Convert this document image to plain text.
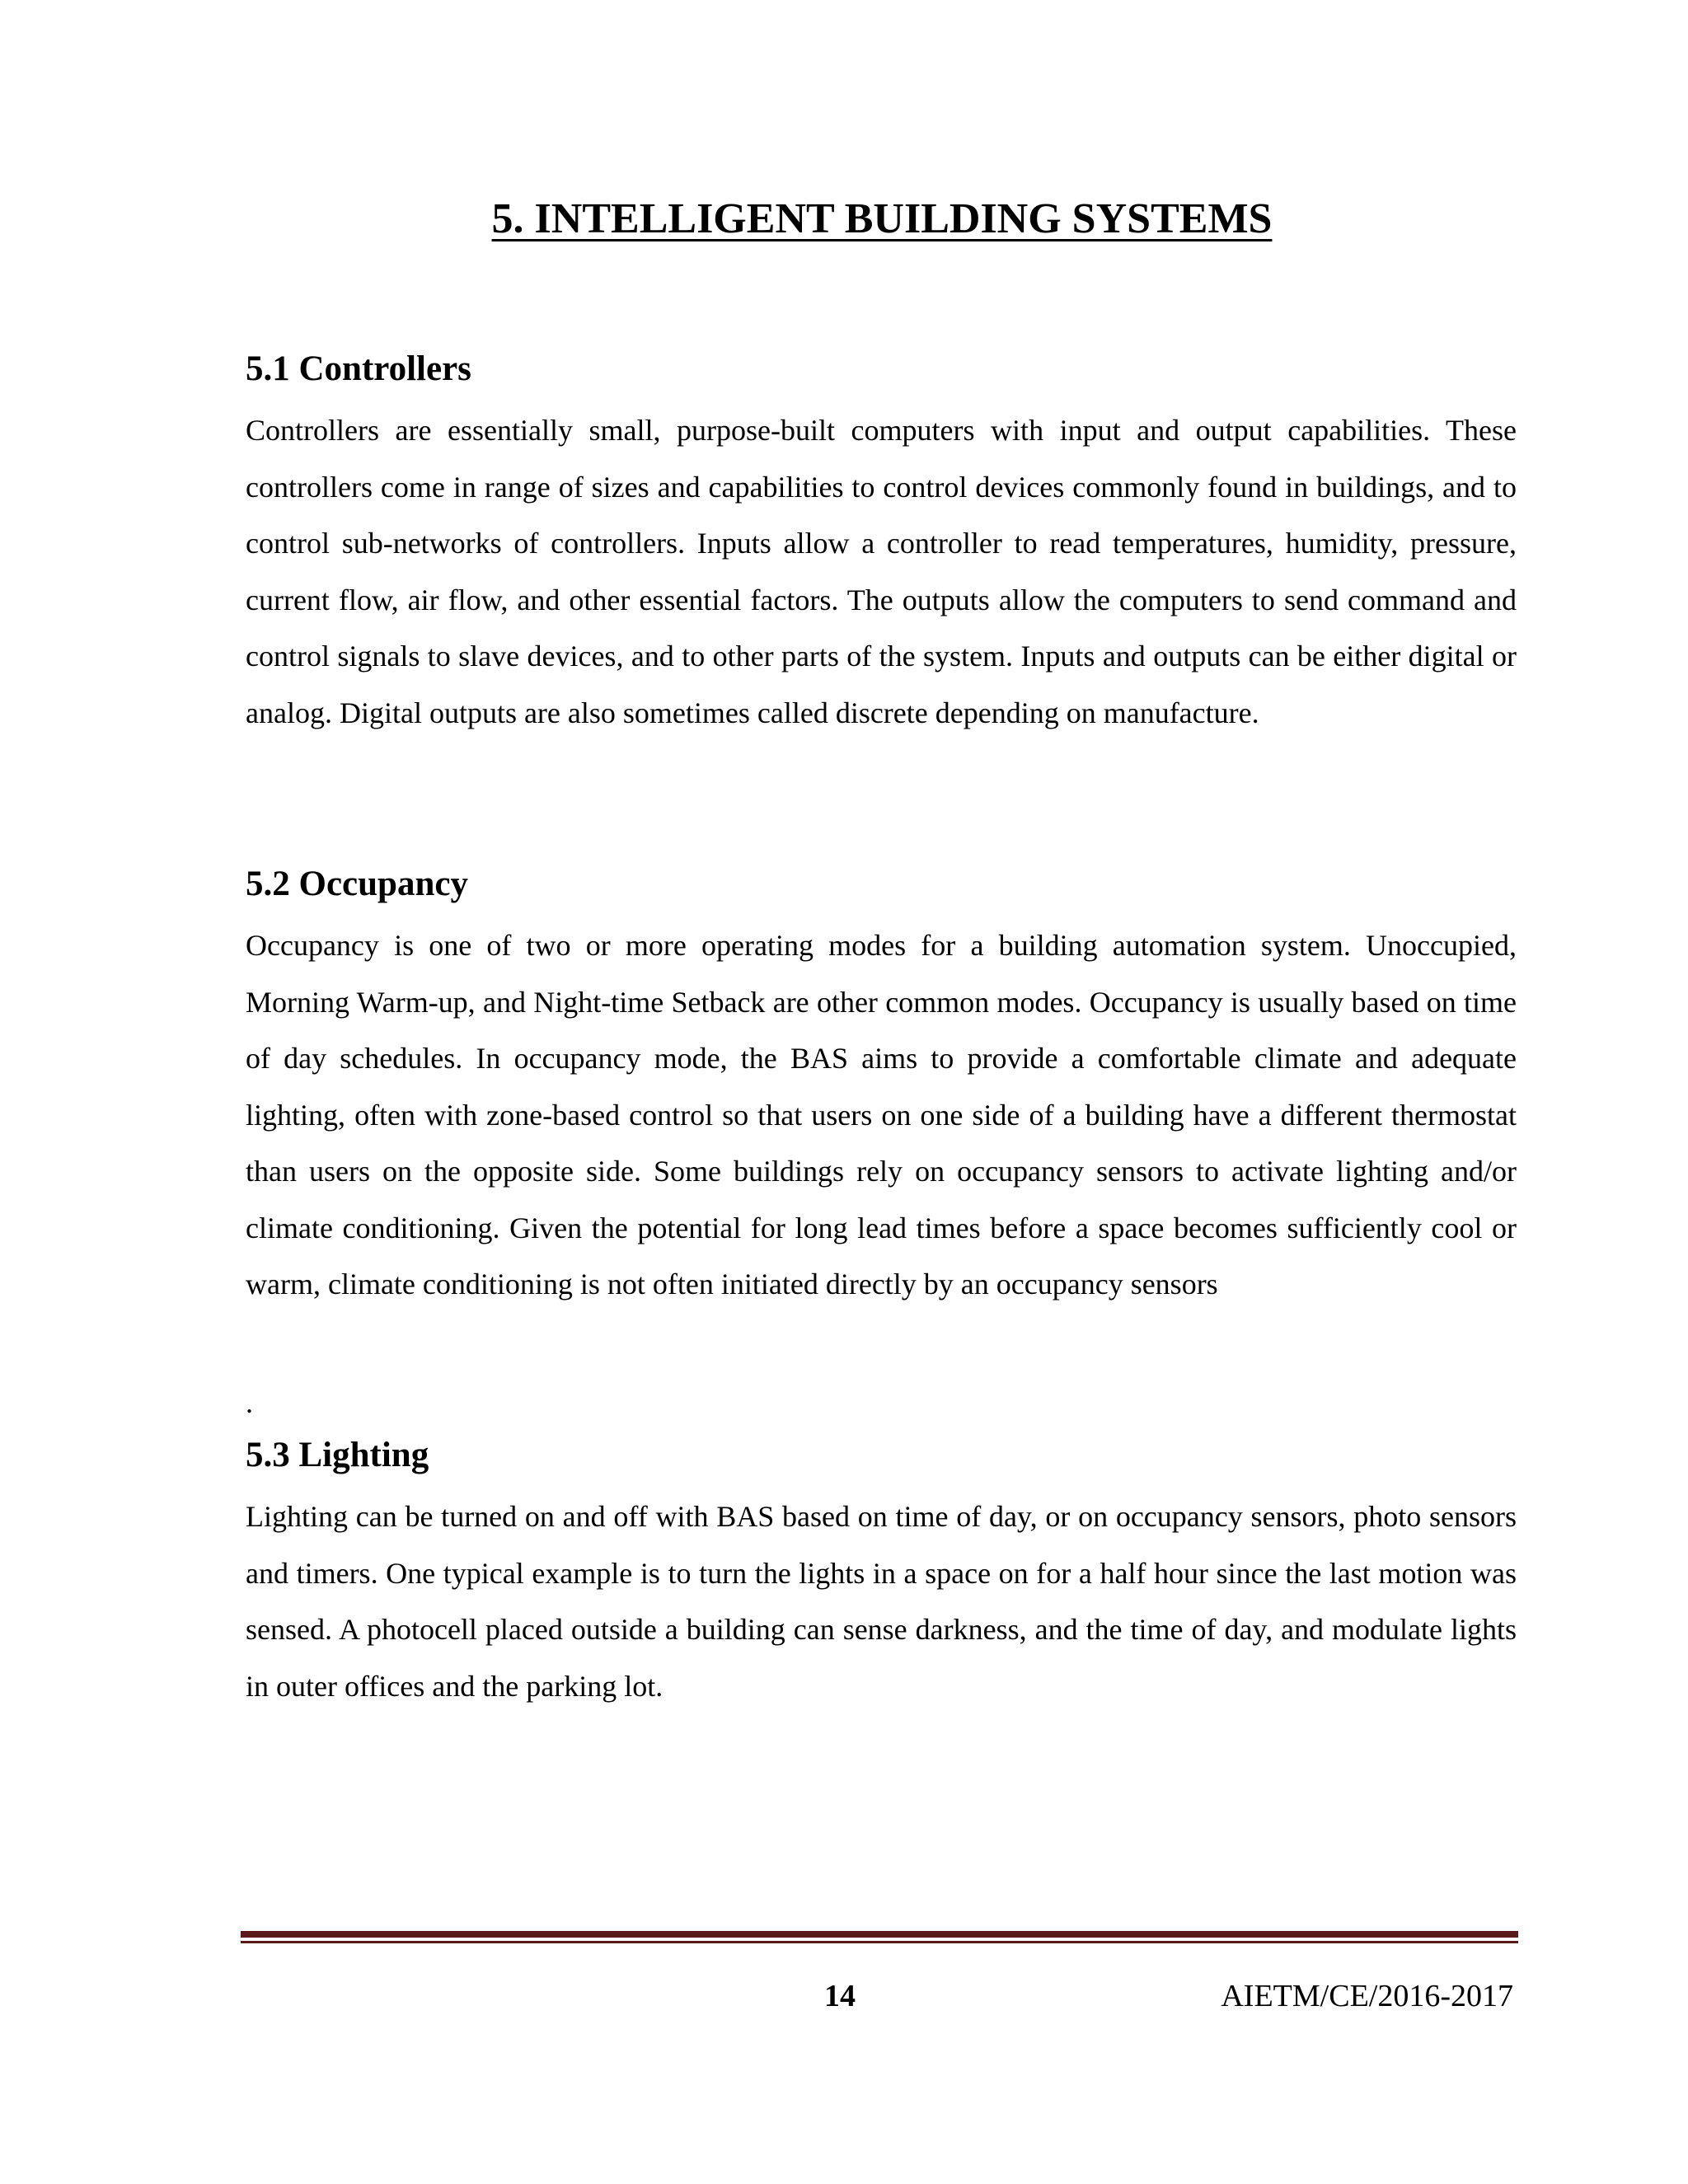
5. INTELLIGENT BUILDING SYSTEMS
5.1 Controllers

Controllers are essentially small, purpose-built computers with input and output capabilities. These controllers come in range of sizes and capabilities to control devices commonly found in buildings, and to control sub-networks of controllers. Inputs allow a controller to read temperatures, humidity, pressure, current flow, air flow, and other essential factors. The outputs allow the computers to send command and control signals to slave devices, and to other parts of the system. Inputs and outputs can be either digital or analog. Digital outputs are also sometimes called discrete depending on manufacture.

5.2 Occupancy

Occupancy is one of two or more operating modes for a building automation system. Unoccupied, Morning Warm-up, and Night-time Setback are other common modes. Occupancy is usually based on time of day schedules. In occupancy mode, the BAS aims to provide a comfortable climate and adequate lighting, often with zone-based control so that users on one side of a building have a different thermostat than users on the opposite side. Some buildings rely on occupancy sensors to activate lighting and/or climate conditioning. Given the potential for long lead times before a space becomes sufficiently cool or warm, climate conditioning is not often initiated directly by an occupancy sensors

.
5.3 Lighting

Lighting can be turned on and off with BAS based on time of day, or on occupancy sensors, photo sensors and timers. One typical example is to turn the lights in a space on for a half hour since the last motion was sensed. A photocell placed outside a building can sense darkness, and the time of day, and modulate lights in outer offices and the parking lot.

14	AIETM/CE/2016-2017
